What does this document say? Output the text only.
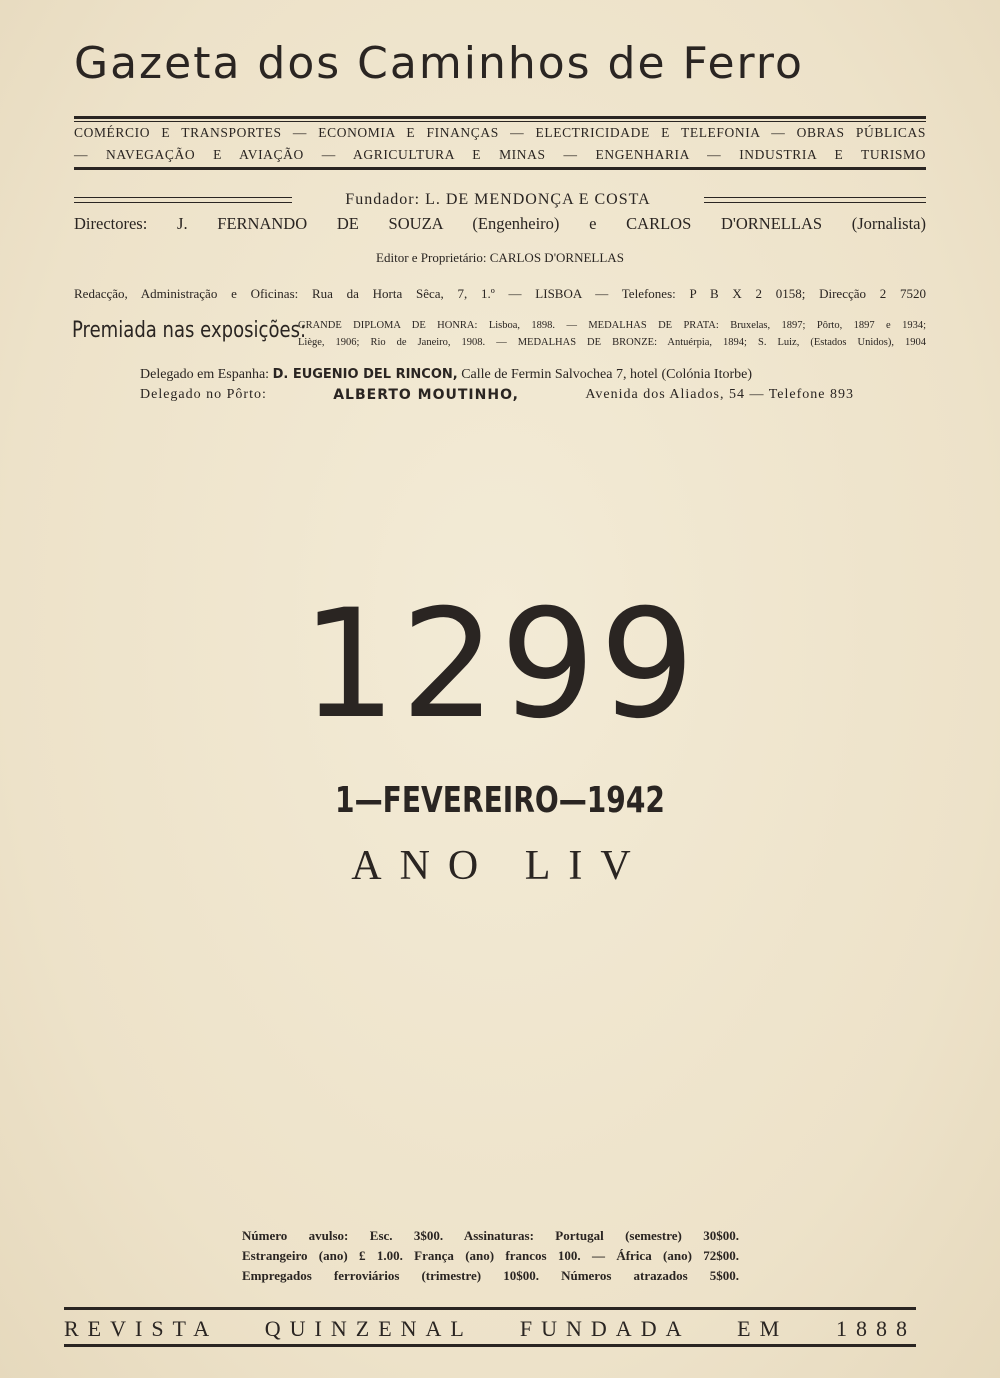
Gazeta dos Caminhos de Ferro
COMÉRCIO E TRANSPORTES — ECONOMIA E FINANÇAS — ELECTRICIDADE E TELEFONIA — OBRAS PÚBLICAS
— NAVEGAÇÃO E AVIAÇÃO — AGRICULTURA E MINAS — ENGENHARIA — INDUSTRIA E TURISMO
Fundador: L. DE MENDONÇA E COSTA
Directores: J. FERNANDO DE SOUZA (Engenheiro) e CARLOS D'ORNELLAS (Jornalista)
Editor e Proprietário: CARLOS D'ORNELLAS
Redacção, Administração e Oficinas: Rua da Horta Sêca, 7, 1.º — LISBOA — Telefones: P B X 2 0158; Direcção 2 7520
Premiada nas exposições:
GRANDE DIPLOMA DE HONRA: Lisboa, 1898. — MEDALHAS DE PRATA: Bruxelas, 1897; Pôrto, 1897 e 1934;
Liège, 1906; Rio de Janeiro, 1908. — MEDALHAS DE BRONZE: Antuérpia, 1894; S. Luiz, (Estados Unidos), 1904
Delegado em Espanha: D. EUGENIO DEL RINCON, Calle de Fermin Salvochea 7, hotel (Colónia Itorbe)
Delegado no Pôrto:	ALBERTO MOUTINHO,	Avenida dos Aliados, 54 — Telefone 893
1299
1—FEVEREIRO—1942
ANO LIV
Número avulso: Esc. 3$00. Assinaturas: Portugal (semestre) 30$00.
Estrangeiro (ano) £ 1.00. França (ano) francos 100. — África (ano) 72$00.
Empregados ferroviários (trimestre) 10$00. Números atrazados 5$00.
REVISTA QUINZENAL FUNDADA EM 1888
